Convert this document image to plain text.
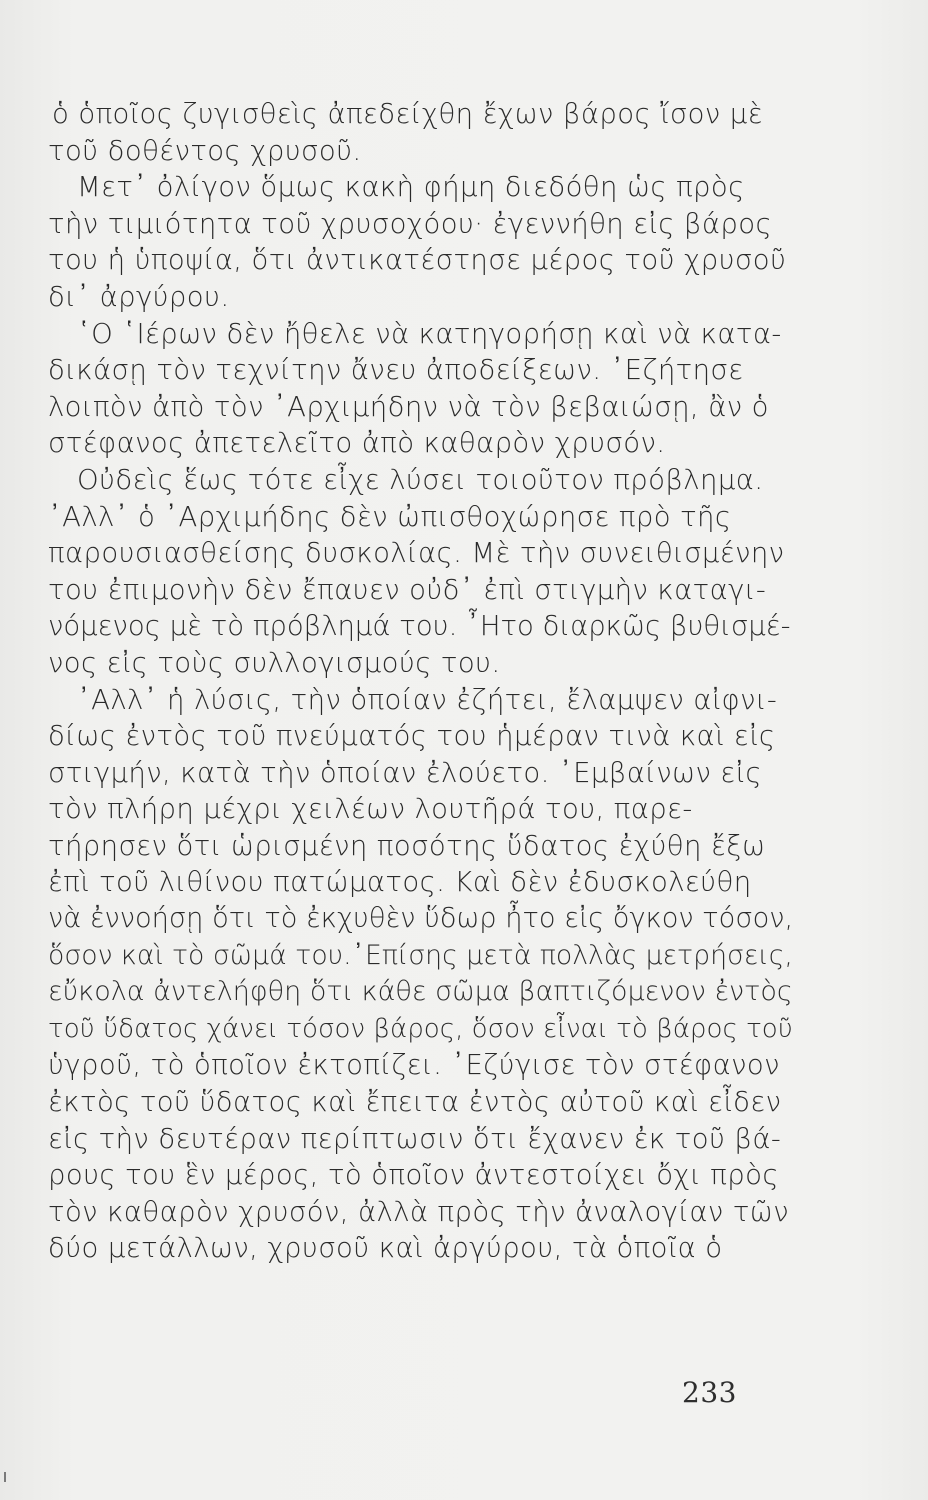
ὁ ὁποῖος ζυγισθεὶς ἀπεδείχθη ἔχων βάρος ἴσον μὲ
τοῦ δοθέντος χρυσοῦ.
Μετ᾿ ὀλίγον ὅμως κακὴ φήμη διεδόθη ὡς πρὸς
τὴν τιμιότητα τοῦ χρυσοχόου· ἐγεννήθη εἰς βάρος
του ἡ ὑποψία, ὅτι ἀντικατέστησε μέρος τοῦ χρυσοῦ
δι᾿ ἀργύρου.
῾Ο ῾Ιέρων δὲν ἤθελε νὰ κατηγορήσῃ καὶ νὰ κατα-
δικάσῃ τὸν τεχνίτην ἄνευ ἀποδείξεων. ᾿Εζήτησε
λοιπὸν ἀπὸ τὸν ᾿Αρχιμήδην νὰ τὸν βεβαιώσῃ, ἂν ὁ
στέφανος ἀπετελεῖτο ἀπὸ καθαρὸν χρυσόν.
Οὐδεὶς ἕως τότε εἶχε λύσει τοιοῦτον πρόβλημα.
᾿Αλλ᾿ ὁ ᾿Αρχιμήδης δὲν ὠπισθοχώρησε πρὸ τῆς
παρουσιασθείσης δυσκολίας. Μὲ τὴν συνειθισμένην
του ἐπιμονὴν δὲν ἔπαυεν οὐδ᾿ ἐπὶ στιγμὴν καταγι-
νόμενος μὲ τὸ πρόβλημά του. ῏Ητο διαρκῶς βυθισμέ-
νος εἰς τοὺς συλλογισμούς του.
᾿Αλλ᾿ ἡ λύσις, τὴν ὁποίαν ἐζήτει, ἔλαμψεν αἰφνι-
δίως ἐντὸς τοῦ πνεύματός του ἡμέραν τινὰ καὶ εἰς
στιγμήν, κατὰ τὴν ὁποίαν ἐλούετο. ᾿Εμβαίνων εἰς
τὸν πλήρη μέχρι χειλέων λουτῆρά του, παρε-
τήρησεν ὅτι ὡρισμένη ποσότης ὕδατος ἐχύθη ἔξω
ἐπὶ τοῦ λιθίνου πατώματος. Καὶ δὲν ἐδυσκολεύθη
νὰ ἐννοήσῃ ὅτι τὸ ἐκχυθὲν ὕδωρ ἦτο εἰς ὄγκον τόσον,
ὅσον καὶ τὸ σῶμά του.᾿Επίσης μετὰ πολλὰς μετρήσεις,
εὔκολα ἀντελήφθη ὅτι κάθε σῶμα βαπτιζόμενον ἐντὸς
τοῦ ὕδατος χάνει τόσον βάρος, ὅσον εἶναι τὸ βάρος τοῦ
ὑγροῦ, τὸ ὁποῖον ἐκτοπίζει. ᾿Εζύγισε τὸν στέφανον
ἐκτὸς τοῦ ὕδατος καὶ ἔπειτα ἐντὸς αὐτοῦ καὶ εἶδεν
εἰς τὴν δευτέραν περίπτωσιν ὅτι ἔχανεν ἐκ τοῦ βά-
ρους του ἓν μέρος, τὸ ὁποῖον ἀντεστοίχει ὄχι πρὸς
τὸν καθαρὸν χρυσόν, ἀλλὰ πρὸς τὴν ἀναλογίαν τῶν
δύο μετάλλων, χρυσοῦ καὶ ἀργύρου, τὰ ὁποῖα ὁ
233
